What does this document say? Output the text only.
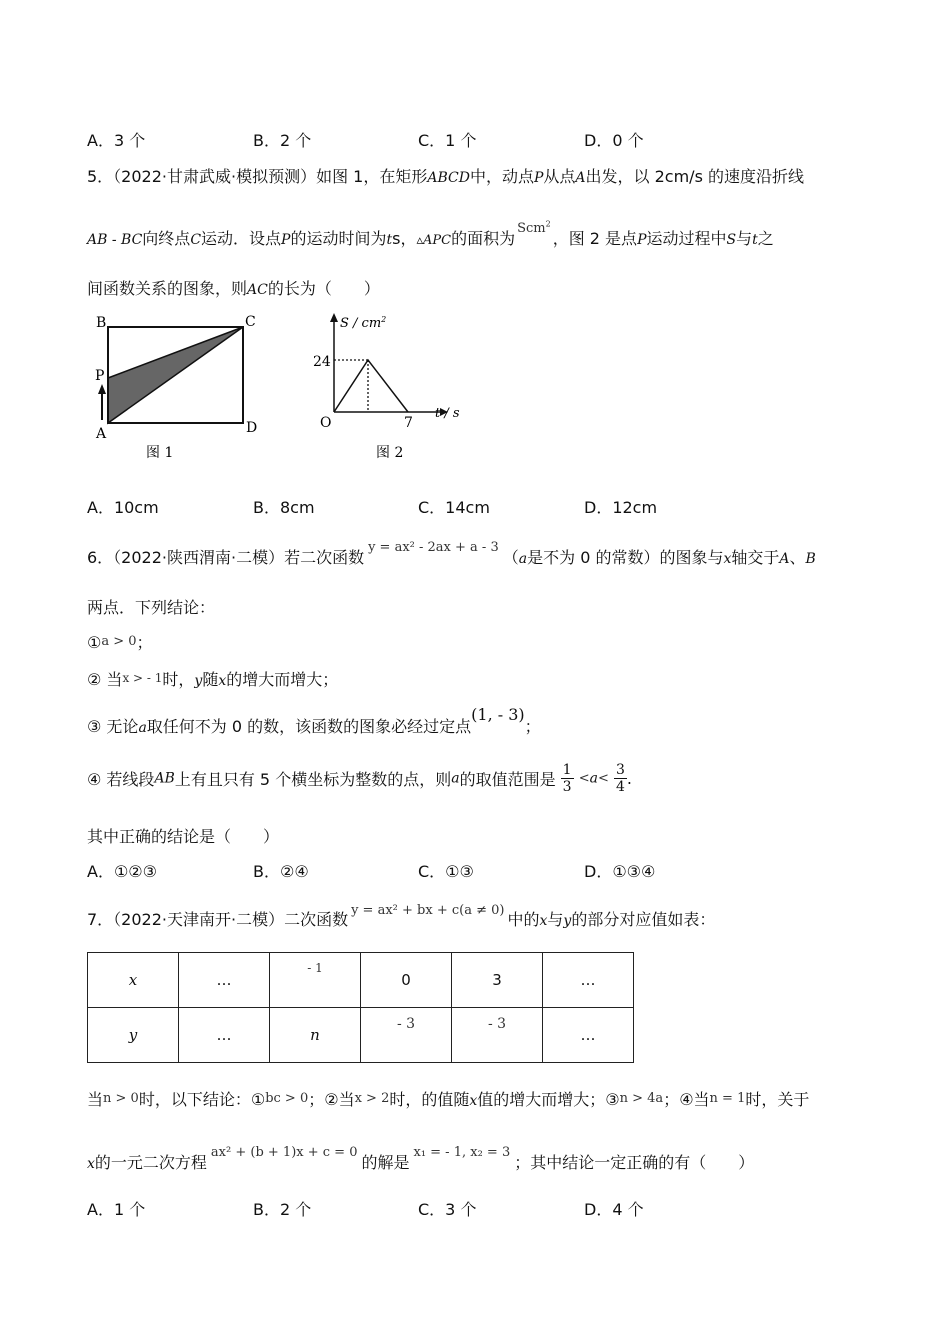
A．3 个	B．2 个	C．1 个	D．0 个
5．（2022·甘肃武威·模拟预测）如图 1，在矩形ABCD中，动点P从点A出发，以 2cm/s 的速度沿折线
AB - BC向终点C运动．设点P的运动时间为ts，▵APC的面积为$^{Scm^2}$，图 2 是点P运动过程中S与t之
间函数关系的图象，则AC的长为（　　）
B	C
P
A	D
图 1
S / $cm^2$
24
O	7
t / s
图 2
A．10cm	B．8cm	C．14cm	D．12cm
6．（2022·陕西渭南·二模）若二次函数$^{y = ax^2 - 2ax + a - 3}$（a是不为 0 的常数）的图象与x轴交于A、B
两点．下列结论：
①a > 0；
② 当x > - 1时，y随x的增大而增大；
③ 无论a取任何不为 0 的数，该函数的图象必经过定点(1, - 3)；
④ 若线段AB上有且只有 5 个横坐标为整数的点，则a的取值范围是 $\frac{1}{3} <a< \frac{3}{4}$ .
其中正确的结论是（　　）
A．①②③	B．②④	C．①③	D．①③④
7．（2022·天津南开·二模）二次函数 $^{y = ax^2 + bx + c(a \ne 0)}$ 中的x与y的部分对应值如表：
x	…	- 1	0	3	…
y	…	n	- 3	- 3	…
当n > 0时，以下结论：①bc > 0；②当x > 2时，的值随x值的增大而增大；③n > 4a；④当n = 1时，关于
x的一元二次方程$^{ax^2 + (b + 1)x + c = 0}$的解是$^{x_1 = - 1, x_2 = 3}$；其中结论一定正确的有（　　）
A．1 个	B．2 个	C．3 个	D．4 个
